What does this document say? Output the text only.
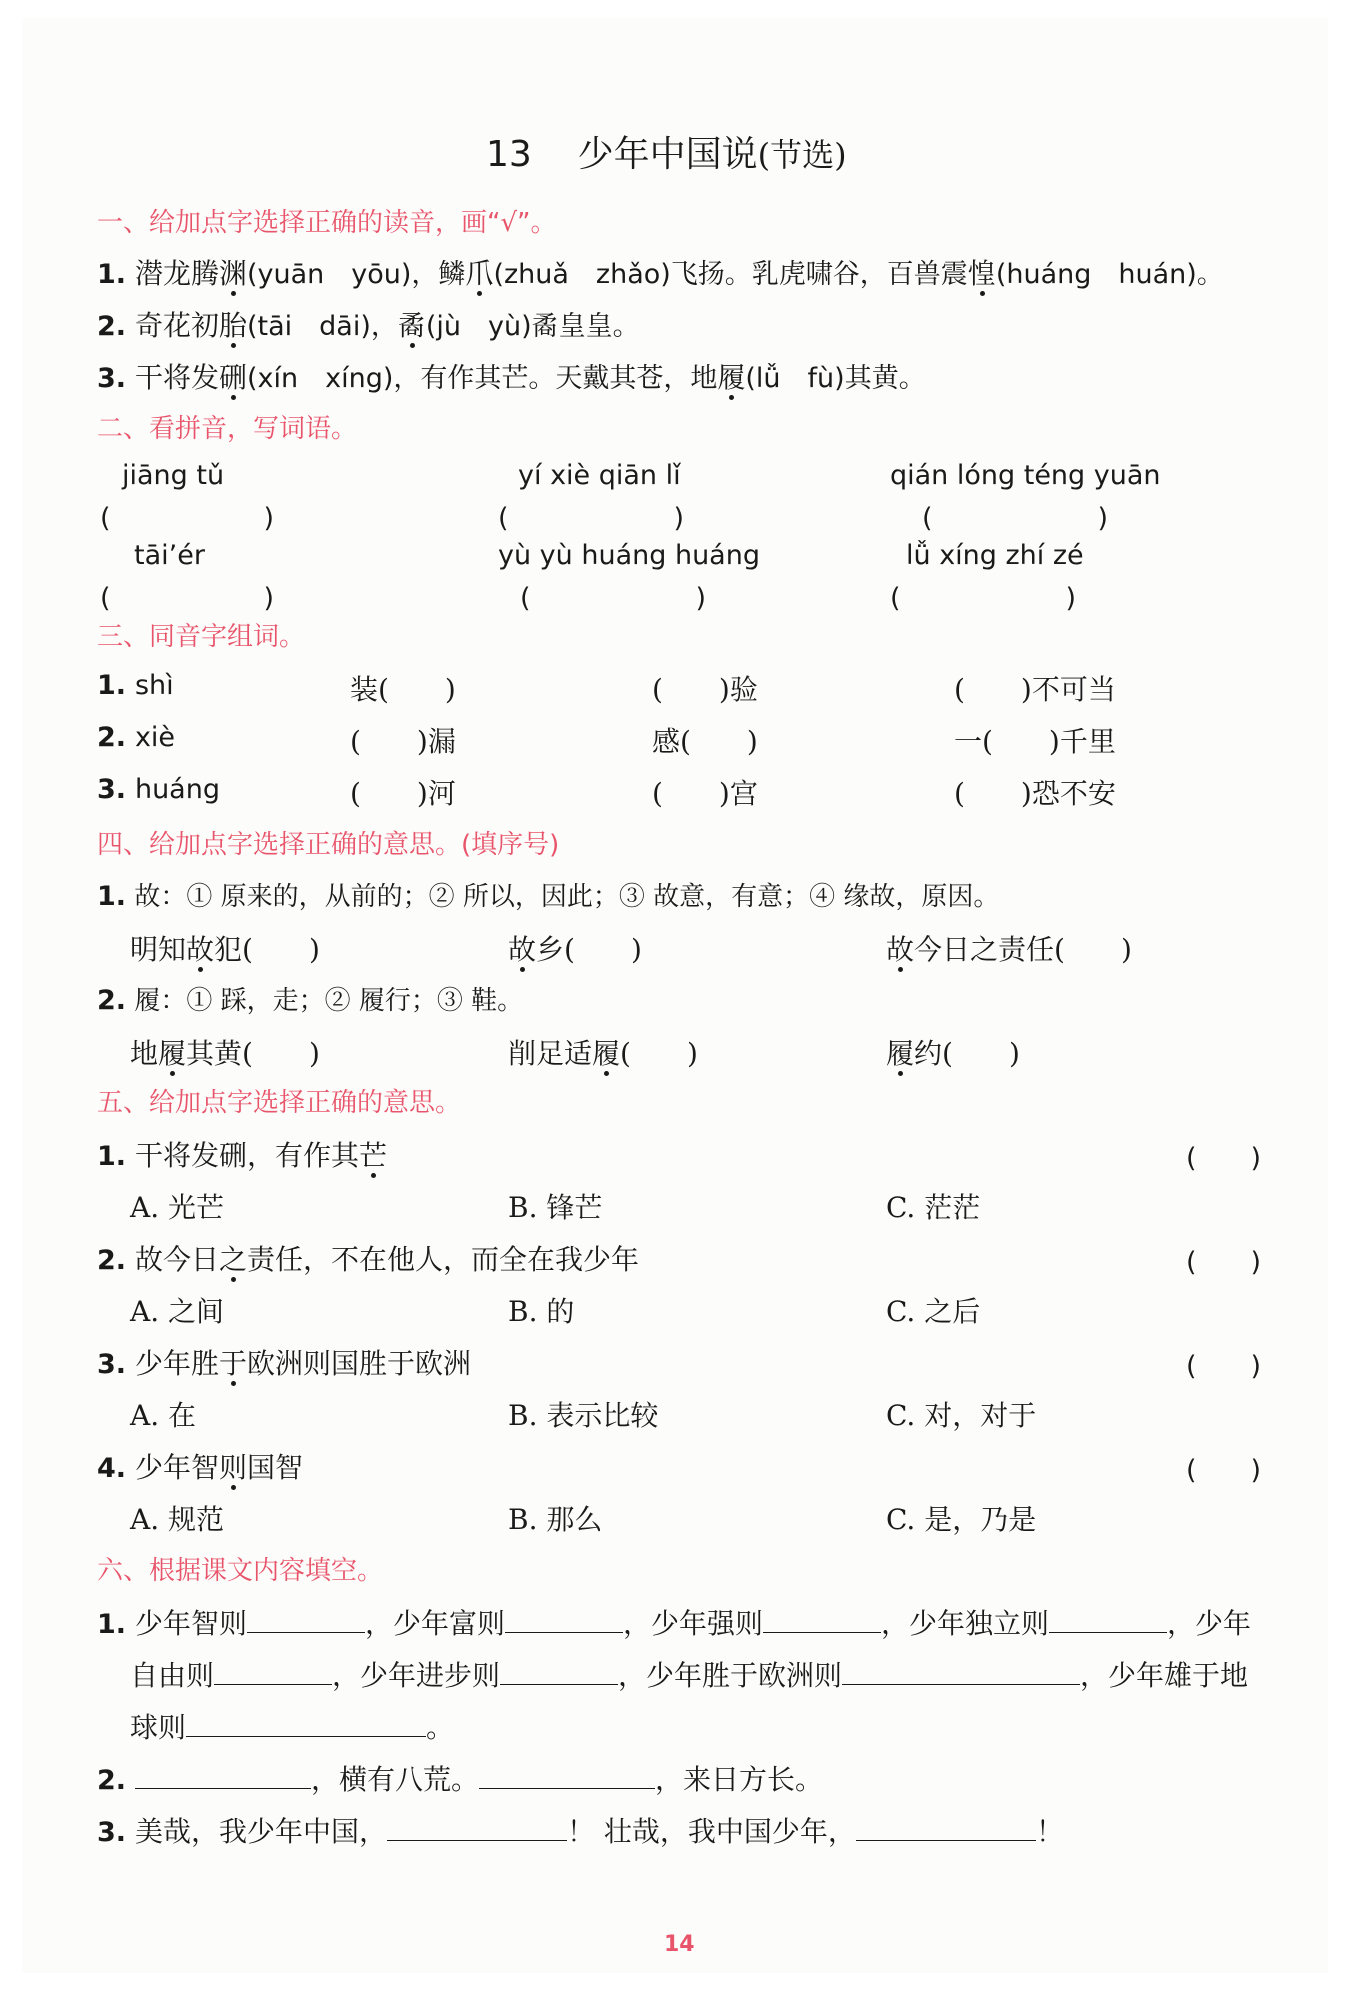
13 少年中国说(节选)
一、给加点字选择正确的读音，画“√”。
1. 潜龙腾渊(yuān　yōu)，鳞爪(zhuǎ　zhǎo)飞扬。乳虎啸谷，百兽震惶(huáng　huán)。
2. 奇花初胎(tāi　dāi)，矞(jù　yù)矞皇皇。
3. 干将发硎(xín　xíng)，有作其芒。天戴其苍，地履(lǚ　fù)其黄。
二、看拼音，写词语。
jiāng tǔ	yí xiè qiān lǐ	qián lóng téng yuān
(　　　　　)	(　　　　　)	(　　　　　)
tāi’ér	yù yù huáng huáng	lǚ xíng zhí zé
(　　　　　)	(　　　　　)	(　　　　　)
三、同音字组词。
1. shì	装(　　)	(　　)验	(　　)不可当
2. xiè	(　　)漏	感(　　)	一(　　)千里
3. huáng	(　　)河	(　　)宫	(　　)恐不安
四、给加点字选择正确的意思。(填序号)
1. 故：① 原来的，从前的；② 所以，因此；③ 故意，有意；④ 缘故，原因。
明知故犯(　　)	故乡(　　)	故今日之责任(　　)
2. 履：① 踩，走；② 履行；③ 鞋。
地履其黄(　　)	削足适履(　　)	履约(　　)
五、给加点字选择正确的意思。
1. 干将发硎，有作其芒	(　　)
A. 光芒	B. 锋芒	C. 茫茫
2. 故今日之责任，不在他人，而全在我少年	(　　)
A. 之间	B. 的	C. 之后
3. 少年胜于欧洲则国胜于欧洲	(　　)
A. 在	B. 表示比较	C. 对，对于
4. 少年智则国智	(　　)
A. 规范	B. 那么	C. 是，乃是
六、根据课文内容填空。
1. 少年智则	，少年富则	，少年强则	，少年独立则	，少年
自由则	，少年进步则	，少年胜于欧洲则	，少年雄于地
球则	。
2.	，横有八荒。	，来日方长。
3. 美哉，我少年中国，	！ 壮哉，我中国少年，	！
14
